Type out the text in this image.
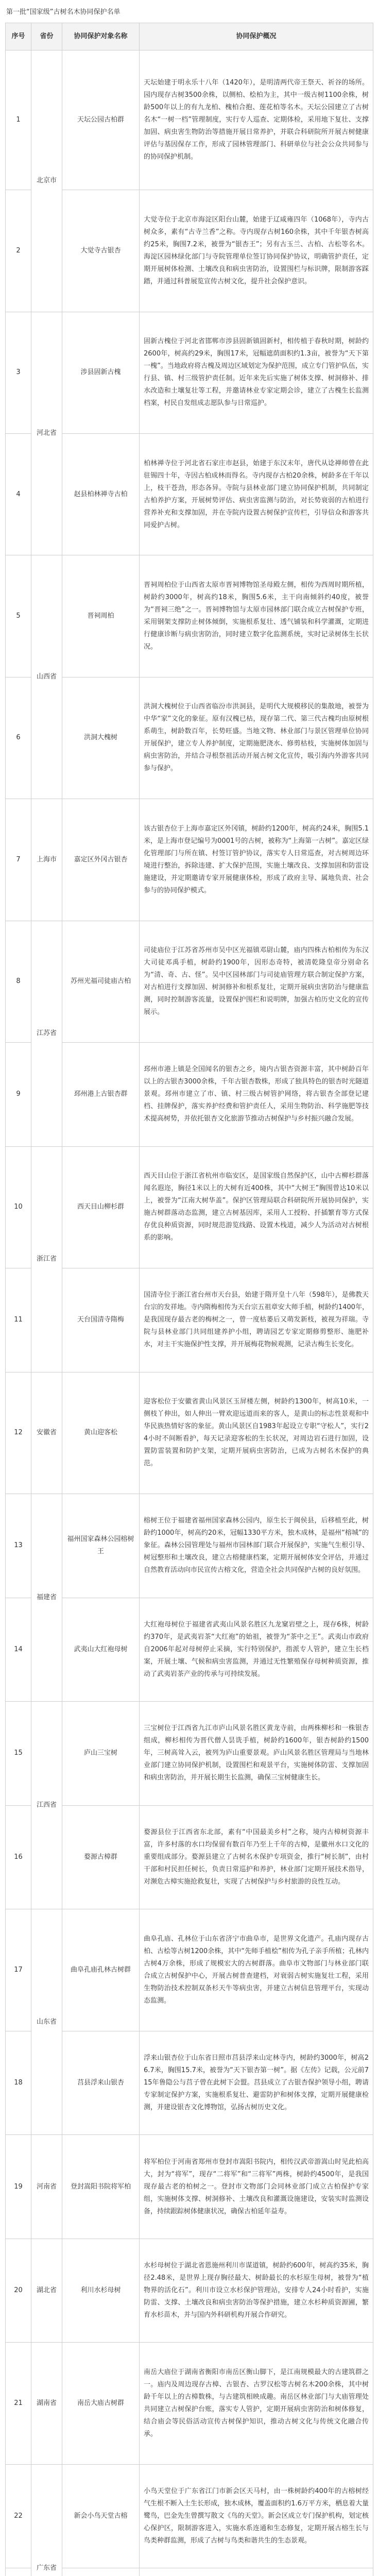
第一批“国家级”古树名木协同保护名单
序号	省份	协同保护对象名称	协同保护概况
1	北京市	天坛公园古柏群	天坛始建于明永乐十八年（1420年），是明清两代帝王祭天、祈谷的场所。园内现存古树3500余株，以侧柏、桧柏为主，其中一级古树1100余株，树龄500年以上的有九龙柏、槐柏合抱、莲花柏等名木。天坛公园建立了古树名木“一树一档”管理制度，实行专人巡查、定期体检，采用地下复壮、支撑加固、病虫害生物防治等措施开展日常养护，并联合科研院所开展古树健康评估与基因保存工作，形成了园林管理部门、科研单位与社会公众共同参与的协同保护机制。
2		大觉寺古银杏	大觉寺位于北京市海淀区阳台山麓，始建于辽咸雍四年（1068年），寺内古树众多，素有“古寺兰香”之称。寺内现存古树160余株，其中千年银杏树高约25米，胸围7.2米，被誉为“银杏王”；另有古玉兰、古柏、古松等名木。海淀区园林绿化部门与寺院管理单位签订协同保护协议，明确管护责任，定期开展树体检测、土壤改良和病虫害防治，设置围栏与标识牌，限制游客踩踏，并通过科普展览宣传古树文化，提升社会保护意识。
3	河北省	涉县固新古槐	固新古槐位于河北省邯郸市涉县固新镇固新村，相传植于春秋时期，树龄约2600年，树高约29米，胸围17米，冠幅遮荫面积约1.3亩，被誉为“天下第一槐”。当地政府将古槐及周边区域划定为保护范围，成立专门管护队伍，实行县、镇、村三级管护责任制。近年来先后实施了树体支撑、树洞修补、排水改造和土壤复壮等工程，并邀请林业专家定期会诊，建立了古槐生长监测档案，村民自发组成志愿队参与日常巡护。
4		赵县柏林禅寺古柏	柏林禅寺位于河北省石家庄市赵县，始建于东汉末年，唐代从谂禅师曾在此驻锡四十年，寺因古柏成林而得名。寺内现存古柏20余株，树龄多在千年以上，枝干苍劲，形态各异。寺院与县林业部门建立协同保护机制，共同制定古柏养护方案，开展树势评估、病虫害监测与防治，对长势衰弱的古柏进行营养补充和支撑加固，并在寺院内设置古树保护宣传栏，引导信众和游客共同爱护古树。
5	山西省	晋祠周柏	晋祠周柏位于山西省太原市晋祠博物馆圣母殿左侧，相传为西周时期所植，树龄约3000年，树高约18米，胸围5.6米，主干向南倾斜约40度，被誉为“晋祠三绝”之一。晋祠博物馆与太原市园林部门联合成立古树保护专班，采用钢架支撑防止树体倾倒，实施根系复壮、透气铺装和科学灌溉，定期进行健康诊断与病虫害防治，同时建立数字化监测系统，实时记录树体生长状况。
6		洪洞大槐树	洪洞大槐树位于山西省临汾市洪洞县，是明代大规模移民的集散地，被誉为中华“家”文化的象征。原有汉槐已枯，现存第二代、第三代古槐均由原树根系萌生，树龄数百年，长势旺盛。当地文物、林业部门与景区管理单位协同开展保护，建立专人养护制度，定期施肥浇水、修剪枯枝，实施树体加固与病虫害防治，并结合寻根祭祖活动开展古树文化宣传，吸引海内外游客共同参与保护。
7	上海市	嘉定区外冈古银杏	该古银杏位于上海市嘉定区外冈镇，树龄约1200年，树高约24米，胸围5.1米，是上海市登记编号为0001号的古树，被称为“上海第一古树”。嘉定区绿化管理部门与所在镇、村签订管护协议，落实专人日常巡查，对古树周边环境进行整治，拆除违建、扩大保护范围，实施土壤改良、支撑加固和防雷设施建设，并定期邀请专家开展健康体检，形成了政府主导、属地负责、社会参与的协同保护模式。
8	江苏省	苏州光福司徒庙古柏	司徒庙位于江苏省苏州市吴中区光福镇邓尉山麓，庙内四株古柏相传为东汉大司徒邓禹手植，树龄约1900年，因形态奇特，被清乾隆皇帝分别命名为“清、奇、古、怪”。吴中区园林部门与司徒庙管理方联合制定保护方案，对古柏进行支撑加固、树洞修补和根系复壮，定期开展病虫害防治与健康监测，同时控制游客流量，设置保护围栏和说明牌，加强古柏历史文化的宣传展示。
9		邳州港上古银杏群	邳州市港上镇是全国闻名的银杏之乡，境内古银杏资源丰富，其中树龄百年以上的古银杏3000余株，千年古银杏数株，形成了独具特色的银杏时光隧道景观。邳州市建立了市、镇、村三级古树管护网络，将古银杏全部登记建档、挂牌保护，落实养护经费和管护责任人，采用生物防治、科学施肥等技术提高树势，并依托银杏文化旅游节推动古树保护与乡村振兴融合发展。
10	浙江省	西天目山柳杉群	西天目山位于浙江省杭州市临安区，是国家级自然保护区，山中古柳杉群落闻名遐迩，胸径1米以上的大树有近400株，其中“大树王”胸围曾达10米以上，被誉为“江南大树华盖”。保护区管理局联合科研院所开展协同保护，实施古树群落动态监测，建立古树基因库，采用人工授粉、扦插繁育等方式保存优良种质资源，同时规范游览线路、设置木栈道，减少人为活动对古树根系的影响。
11		天台国清寺隋梅	国清寺位于浙江省台州市天台县，始建于隋开皇十八年（598年），是佛教天台宗的发祥地。寺内隋梅相传为天台宗五祖章安大师手植，树龄约1400年，是我国现存最古老的梅树之一，曾一度枯萎后又萌发新枝，被视为祥瑞。寺院与县林业部门共同组建养护小组，聘请园艺专家定期修剪整形、施肥补水，对主干实施保护性支撑，并开展梅花物候观测，记录古梅生长变化。
12	安徽省	黄山迎客松	迎客松位于安徽省黄山风景区玉屏楼左侧，树龄约1300年，树高10米，一侧枝丫伸出，如人伸出一臂欢迎远道而来的客人，是黄山的标志性景观和中华民族热情好客的象征。黄山风景区自1983年起设立专职“守松人”，实行24小时不间断看护，每天记录迎客松的生长状况，对周边岩石进行加固，设置防雷装置和防护支架，定期开展病虫害防治，已成为古树名木保护的典范。
13	福建省	福州国家森林公园榕树王	榕树王位于福建省福州国家森林公园内，原生长于闽侯县，后移植至此，树龄约1000年，树高约20米，冠幅1330平方米，独木成林，是福州“榕城”的象征。森林公园管理处与福州市园林部门联合开展保护，实施气生根引导、树冠整形和土壤改良，建立古榕健康档案，定期开展树体安全评估，并通过自然教育活动向市民宣传古榕文化，营造全社会共同保护古树的良好氛围。
14		武夷山大红袍母树	大红袍母树位于福建省武夷山风景名胜区九龙窠岩壁之上，现存6株，树龄约370年，是武夷岩茶“大红袍”的始祖，被誉为“茶中之王”。武夷山市政府自2006年起对母树停止采摘，实行特别保护，指派专人管护，建立生长档案，开展土壤、气候和病虫害监测，并通过无性繁殖保存母树种质资源，推动了武夷岩茶产业的传承与可持续发展。
15	江西省	庐山三宝树	三宝树位于江西省九江市庐山风景名胜区黄龙寺前，由两株柳杉和一株银杏组成，柳杉相传为晋代僧人昙诜手植，树龄约1600年，银杏树龄约1500年，三树高耸入云，被列为庐山重要景观。庐山风景名胜区管理局与当地林业部门建立协同保护机制，设置围栏和观景平台，实施树体防雷、支撑加固和病虫害防治，并开展长期生长监测，确保三宝树健康生长。
16		婺源古樟群	婺源县位于江西省东北部，素有“中国最美乡村”之称，境内古樟树资源丰富，许多村落的水口均保留有数百年乃至上千年的古樟，是徽州水口文化的重要组成部分。婺源县建立了古树名木保护专项资金，推行“树长制”，由村干部和村民担任树长，负责日常巡护和养护，林业部门定期开展技术指导，对濒危古樟实施抢救复壮，实现了古树保护与乡村旅游的良性互动。
17	山东省	曲阜孔庙孔林古树群	曲阜孔庙、孔林位于山东省济宁市曲阜市，是世界文化遗产。孔庙内现存古柏、古桧等古树1200余株，其中“先师手植桧”相传为孔子亲手所植；孔林内古树4万余株，形成了规模宏大的古树群落。曲阜市文物部门与林业部门联合成立古树保护中心，开展古树普查建档，对衰弱古树实施复壮工程，采用生物防治技术控制双条杉天牛等病虫害，并建立古树信息管理平台，实现动态监测。
18		莒县浮来山银杏	浮来山银杏位于山东省日照市莒县浮来山定林寺内，树龄约3000年，树高26.7米，胸围15.7米，被誉为“天下银杏第一树”。据《左传》记载，公元前715年鲁隐公与莒子曾在此树下会盟。莒县成立了古银杏保护领导小组，聘请专家制定保护方案，实施根系复壮、避雷防护和树体支撑，定期开展健康检测，并建设银杏文化博物馆，弘扬古树历史文化。
19	河南省	登封嵩阳书院将军柏	将军柏位于河南省郑州市登封市嵩阳书院内，相传汉武帝游嵩山时见此柏高大，封为“将军”，现存“二将军”和“三将军”两株，树龄约4500年，是我国现存最古老的柏树之一。登封市文物部门会同林业部门成立古柏保护专家组，实施树体支撑、树洞修补、土壤改良和灌溉设施建设，安装实时监测设备，持续跟踪树体健康状况，确保古柏延年益寿。
20	湖北省	利川水杉母树	水杉母树位于湖北省恩施州利川市谋道镇，树龄约600年，树高约35米，胸径2.48米，是世界上现存胸径最大、树龄最长的水杉原生母树，被誉为“植物界的活化石”。利川市设立水杉保护管理站，安排专人24小时看护，实施防雷、支撑、土壤改良和病虫害防治等保护措施，建立水杉种质资源圃，繁育水杉苗木，并与国内外科研机构开展合作研究。
21	湖南省	南岳大庙古树群	南岳大庙位于湖南省衡阳市南岳区衡山脚下，是江南规模最大的古建筑群之一。庙内及周边现存古樟、古银杏、古罗汉松等古树名木200余株，其中树龄千年以上的古樟数株，与古建筑相映成趣。南岳区林业部门与大庙管理处共同建立古树保护台账，落实专人管护，定期开展病虫害防治和树体修复，结合庙会等民俗活动宣传古树保护知识，推动古树文化与传统文化融合传承。
22	广东省	新会小鸟天堂古榕	小鸟天堂位于广东省江门市新会区天马村，由一株树龄约400年的古榕树经气生根不断入土生长形成，独木成林，覆盖面积约1.6万平方米，栖息着大量鹭鸟，巴金先生曾撰写散文《鸟的天堂》。新会区成立专门保护机构，划定核心保护区，限制游客进入，实施水系连通和生态修复，定期开展古榕生长与鸟类种群监测，形成了古树与鸟类和谐共生的生态景观。
